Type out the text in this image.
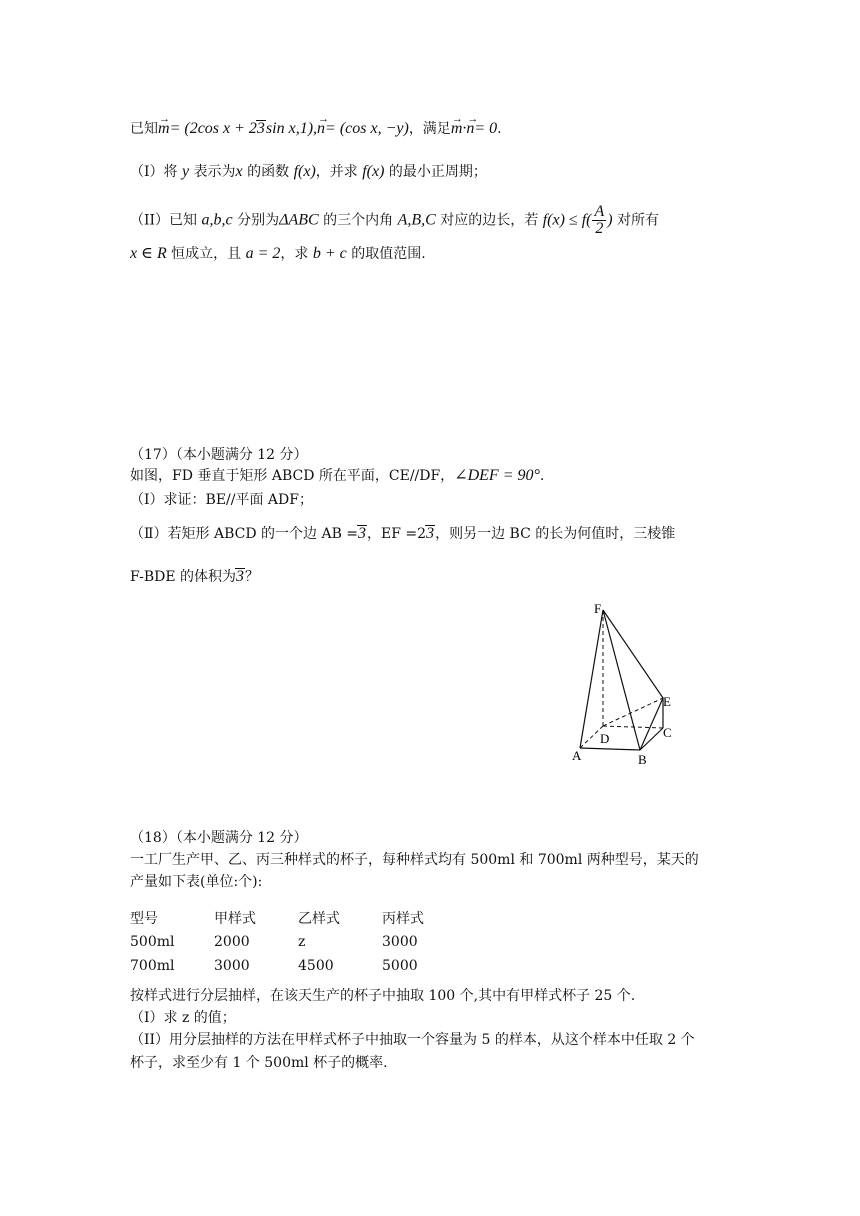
已知→ m= (2cos x + 23sin x,1),→ n= (cos x, −y)，满足→ m·→ n= 0.
（I）将 y 表示为x 的函数 f(x)，并求 f(x) 的最小正周期；
（II）已知 a,b,c 分别为ΔABC 的三个内角 A,B,C 对应的边长，若 $f(x) \le f( \frac{A}{2}$ ) 对所有
x ∈ R 恒成立，且 a = 2，求 b + c 的取值范围.
（17）（本小题满分 12 分）
如图，FD 垂直于矩形 ABCD 所在平面，CE//DF，∠DEF = 90°.
（Ⅰ）求证：BE//平面 ADF；
（Ⅱ）若矩形 ABCD 的一个边 AB =3，EF =23，则另一边 BC 的长为何值时，三棱锥
F-BDE 的体积为3？
F
E
D	C
A	B
（18）（本小题满分 12 分）
一工厂生产甲、乙、丙三种样式的杯子，每种样式均有 500ml 和 700ml 两种型号，某天的
产量如下表(单位:个):
型号	甲样式	乙样式	丙样式
500ml	2000	z	3000
700ml	3000	4500	5000
按样式进行分层抽样，在该天生产的杯子中抽取 100 个,其中有甲样式杯子 25 个.
（I）求 z 的值；
（II）用分层抽样的方法在甲样式杯子中抽取一个容量为 5 的样本，从这个样本中任取 2 个
杯子，求至少有 1 个 500ml 杯子的概率.
